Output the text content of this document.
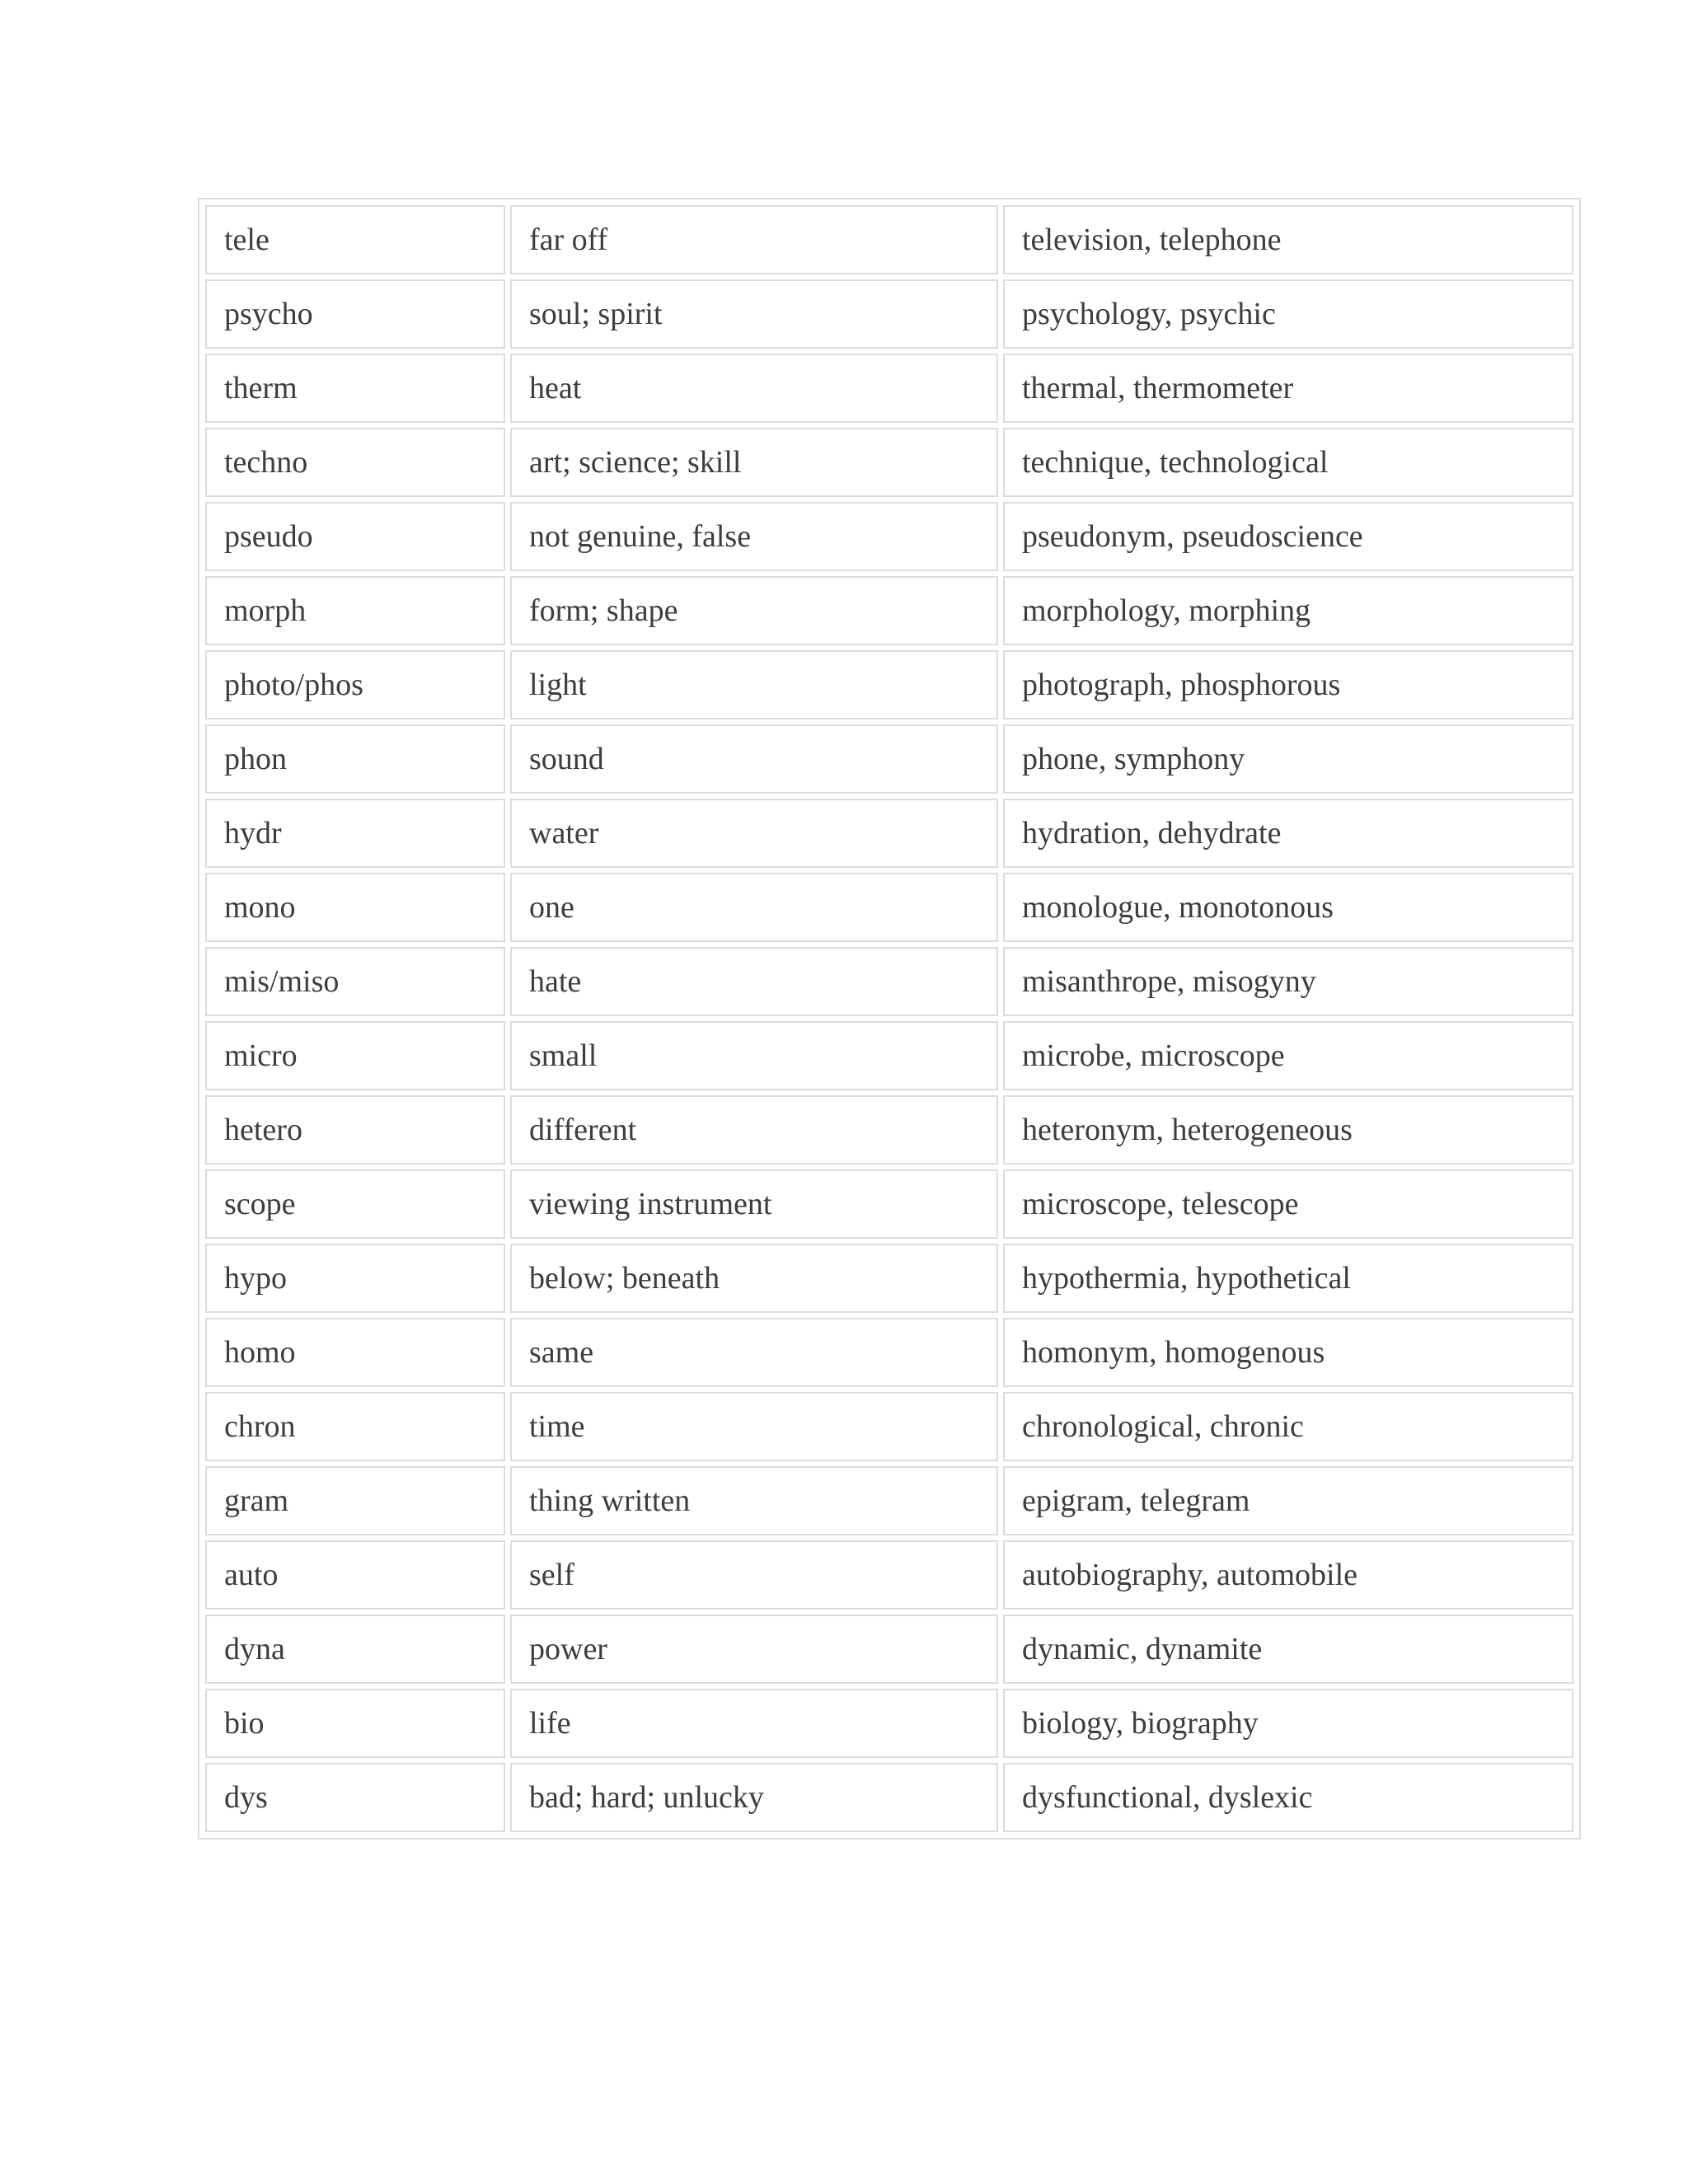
tele	far off	television, telephone
psycho	soul; spirit	psychology, psychic
therm	heat	thermal, thermometer
techno	art; science; skill	technique, technological
pseudo	not genuine, false	pseudonym, pseudoscience
morph	form; shape	morphology, morphing
photo/phos	light	photograph, phosphorous
phon	sound	phone, symphony
hydr	water	hydration, dehydrate
mono	one	monologue, monotonous
mis/miso	hate	misanthrope, misogyny
micro	small	microbe, microscope
hetero	different	heteronym, heterogeneous
scope	viewing instrument	microscope, telescope
hypo	below; beneath	hypothermia, hypothetical
homo	same	homonym, homogenous
chron	time	chronological, chronic
gram	thing written	epigram, telegram
auto	self	autobiography, automobile
dyna	power	dynamic, dynamite
bio	life	biology, biography
dys	bad; hard; unlucky	dysfunctional, dyslexic
